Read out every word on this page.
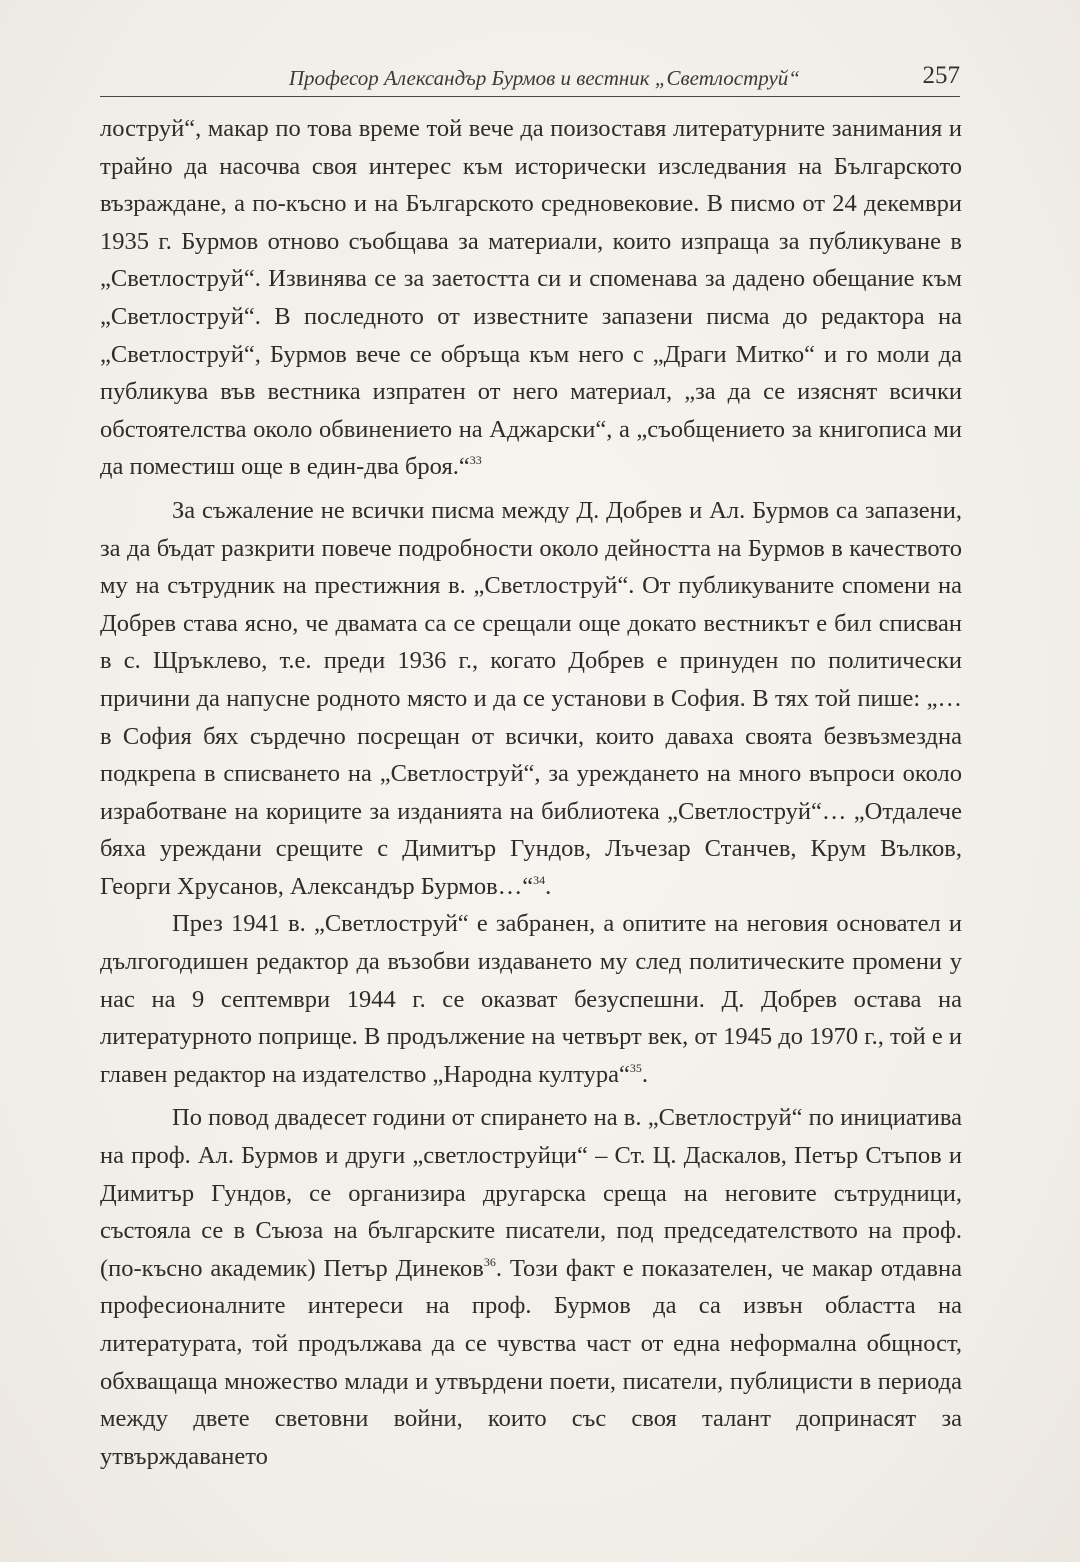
Професор Александър Бурмов и вестник „Светлоструй“	257

лоструй“, макар по това време той вече да поизоставя литературните занимания и трайно да насочва своя интерес към исторически изследвания на Българското възраждане, а по-късно и на Българското средновековие. В писмо от 24 декември 1935 г. Бурмов отново съобщава за материали, които изпраща за публикуване в „Светлоструй“. Извинява се за заетостта си и споменава за дадено обещание към „Светлоструй“. В последното от известните запазени писма до редактора на „Светлоструй“, Бурмов вече се обръща към него с „Драги Митко“ и го моли да публикува във вестника изпратен от него материал, „за да се изяснят всички обстоятелства около обвинението на Аджарски“, а „съобщението за книгописа ми да поместиш още в един-два броя.“$^{33}$

За съжаление не всички писма между Д. Добрев и Ал. Бурмов са запазени, за да бъдат разкрити повече подробности около дейността на Бурмов в качеството му на сътрудник на престижния в. „Светлоструй“. От публикуваните спомени на Добрев става ясно, че двамата са се срещали още докато вестникът е бил списван в с. Щръклево, т.е. преди 1936 г., когато Добрев е принуден по политически причини да напусне родното място и да се установи в София. В тях той пише: „…в София бях сърдечно посрещан от всички, които даваха своята безвъзмездна подкрепа в списването на „Светлоструй“, за уреждането на много въпроси около изработване на кориците за изданията на библиотека „Светлоструй“… „Отдалече бяха уреждани срещите с Димитър Гундов, Лъчезар Станчев, Крум Вълков, Георги Хрусанов, Александър Бурмов…“$^{34}$.

През 1941 в. „Светлоструй“ е забранен, а опитите на неговия основател и дългогодишен редактор да възобви издаването му след политическите промени у нас на 9 септември 1944 г. се оказват безуспешни. Д. Добрев остава на литературното поприще. В продължение на четвърт век, от 1945 до 1970 г., той е и главен редактор на издателство „Народна култура“$^{35}$.

По повод двадесет години от спирането на в. „Светлоструй“ по инициатива на проф. Ал. Бурмов и други „светлоструйци“ – Ст. Ц. Даскалов, Петър Стъпов и Димитър Гундов, се организира другарска среща на неговите сътрудници, състояла се в Съюза на българските писатели, под председателството на проф. (по-късно академик) Петър Динеков$^{36}$. Този факт е показателен, че макар отдавна професионалните интереси на проф. Бурмов да са извън областта на литературата, той продължава да се чувства част от една неформална общност, обхващаща множество млади и утвърдени поети, писатели, публицисти в периода между двете световни войни, които със своя талант допринасят за утвърждаването
